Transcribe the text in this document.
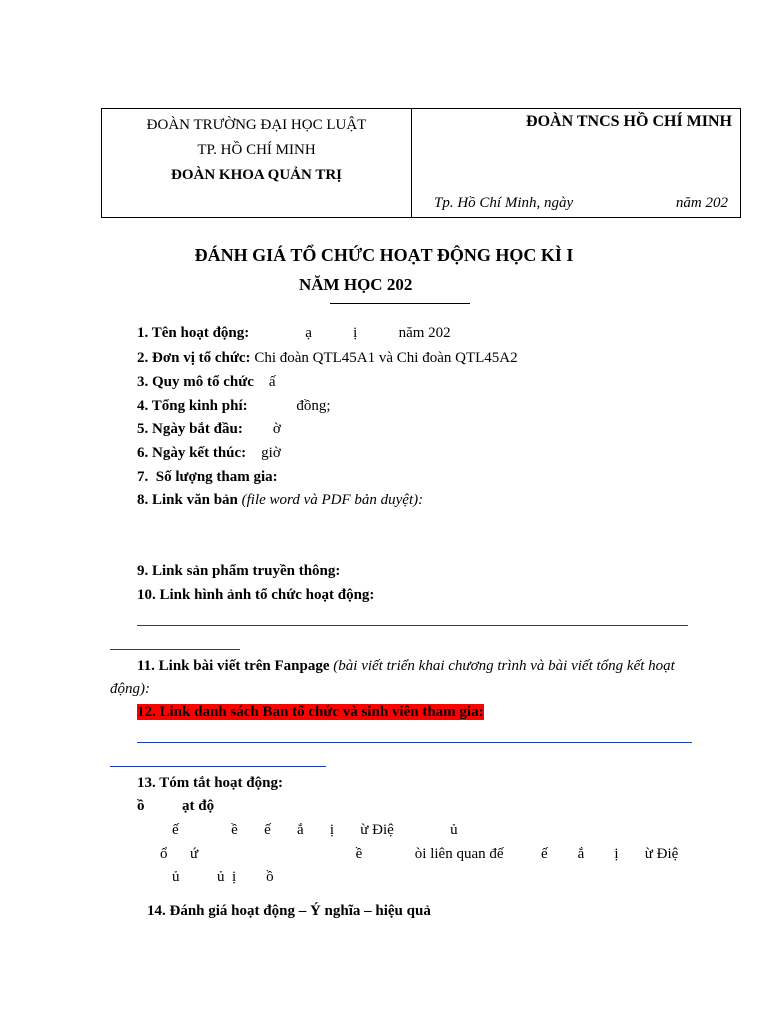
ĐOÀN TRƯỜNG ĐẠI HỌC LUẬT
TP. HỒ CHÍ MINH
ĐOÀN KHOA QUẢN TRỊ
ĐOÀN TNCS HỒ CHÍ MINH
Tp. Hồ Chí Minh, ngày	năm 202
ĐÁNH GIÁ TỔ CHỨC HOẠT ĐỘNG HỌC KÌ I
NĂM HỌC 202
1. Tên hoạt động:	ạ           ị           năm 202
2. Đơn vị tổ chức: Chi đoàn QTL45A1 và Chi đoàn QTL45A2
3. Quy mô tổ chức    ấ
4. Tổng kinh phí:             đồng;
5. Ngày bắt đầu:        ờ
6. Ngày kết thúc:    giờ
7.  Số lượng tham gia:
8. Link văn bản (file word và PDF bản duyệt):
9. Link sản phẩm truyền thông:
10. Link hình ảnh tổ chức hoạt động:
11. Link bài viết trên Fanpage (bài viết triển khai chương trình và bài viết tổng kết hoạt động):
12. Link danh sách Ban tổ chức và sinh viên tham gia:
13. Tóm tắt hoạt động:
ồ          ạt độ
ế              ề       ế       ắ       ị       ừ Điệ               ủ
ổ      ứ                                          ề              òi liên quan đế          ế        ắ        ị       ừ Điệ
ủ          ủ  ị        ồ
14. Đánh giá hoạt động – Ý nghĩa – hiệu quả
